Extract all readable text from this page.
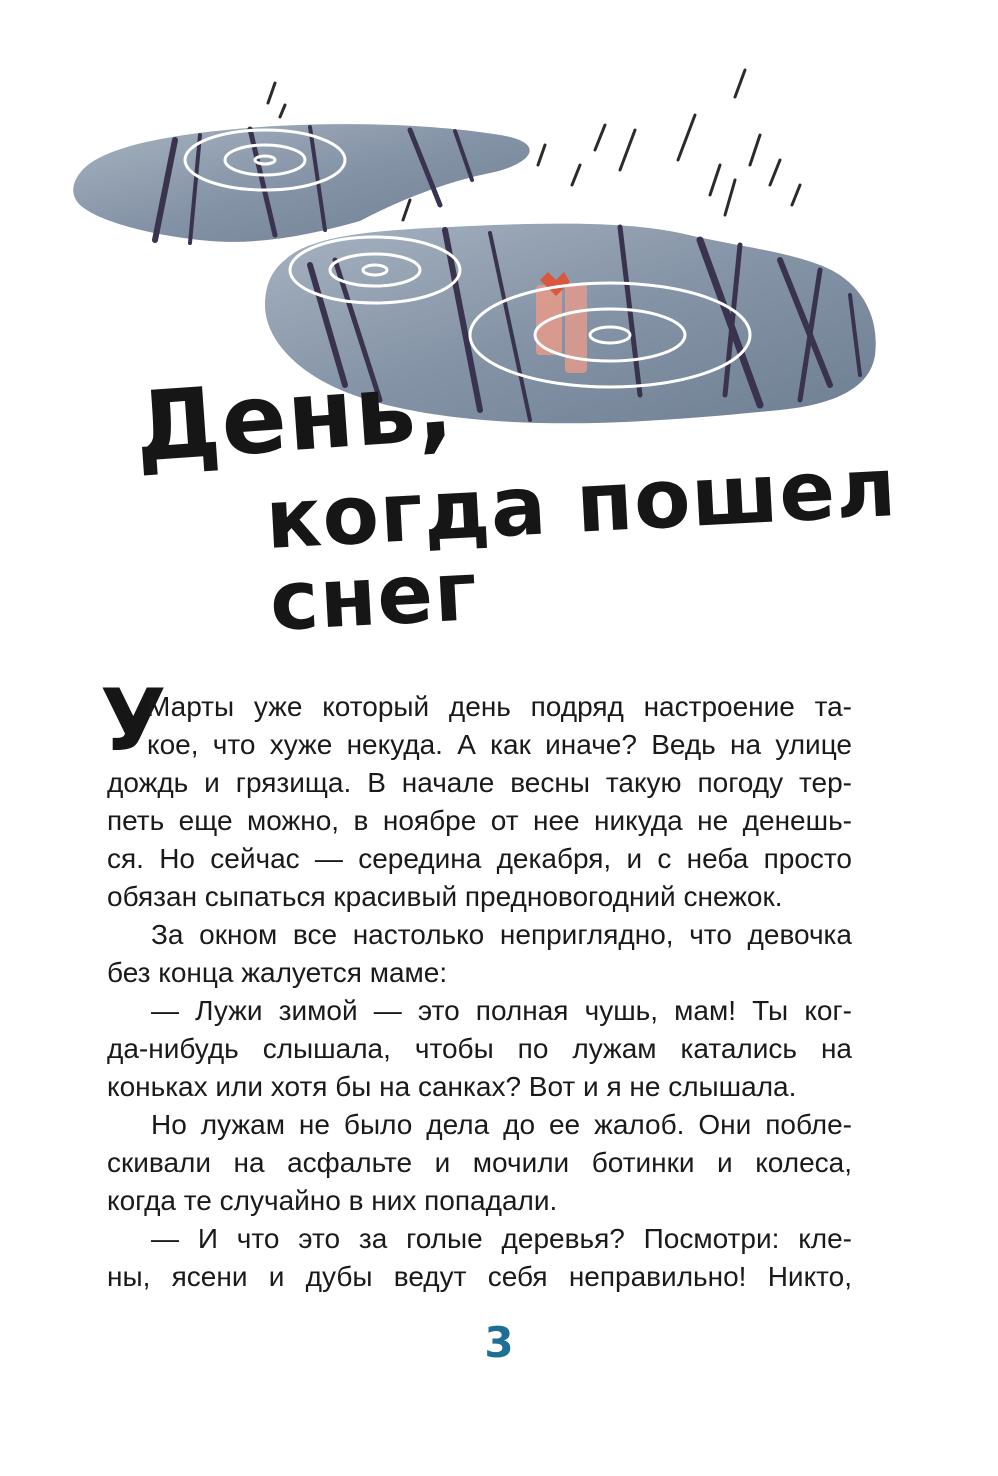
День,
когда пошел снег
У
Марты уже который день подряд настроение та-
кое, что хуже некуда. А как иначе? Ведь на улице
дождь и грязища. В начале весны такую погоду тер-
петь еще можно, в ноябре от нее никуда не денешь-
ся. Но сейчас — середина декабря, и с неба просто
обязан сыпаться красивый предновогодний снежок.
За окном все настолько неприглядно, что девочка
без конца жалуется маме:
— Лужи зимой — это полная чушь, мам! Ты ког-
да-нибудь слышала, чтобы по лужам катались на
коньках или хотя бы на санках? Вот и я не слышала.
Но лужам не было дела до ее жалоб. Они побле-
скивали на асфальте и мочили ботинки и колеса,
когда те случайно в них попадали.
— И что это за голые деревья? Посмотри: кле-
ны, ясени и дубы ведут себя неправильно! Никто,
3
